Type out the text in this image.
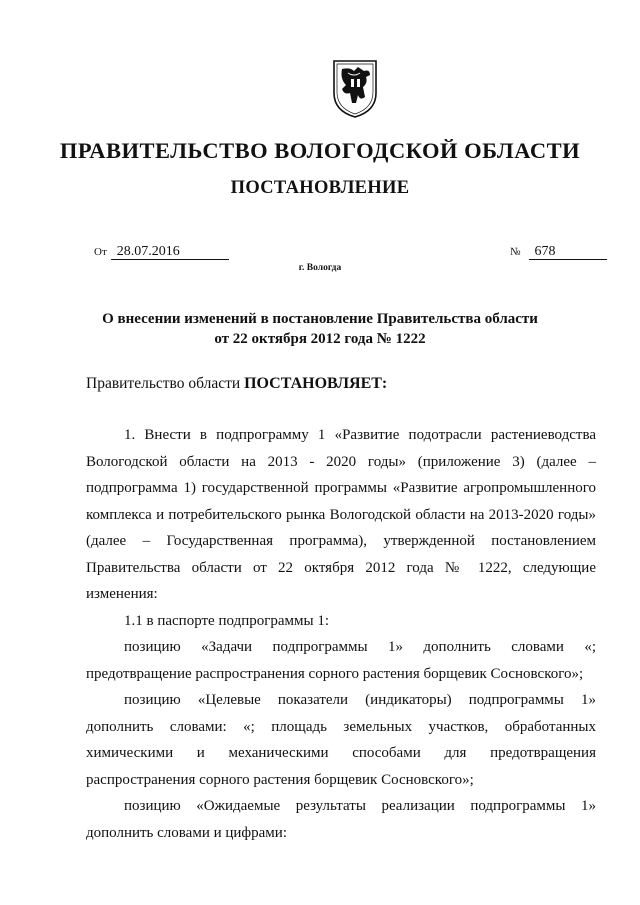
ПРАВИТЕЛЬСТВО ВОЛОГОДСКОЙ ОБЛАСТИ
ПОСТАНОВЛЕНИЕ
От 28.07.2016	№ 678
г. Вологда
О внесении изменений в постановление Правительства области
от 22 октября 2012 года № 1222
Правительство области ПОСТАНОВЛЯЕТ:

1. Внести в подпрограмму 1 «Развитие подотрасли растениеводства Вологодской области на 2013 - 2020 годы» (приложение 3) (далее – подпрограмма 1) государственной программы «Развитие агропромышленного комплекса и потребительского рынка Вологодской области на 2013-2020 годы» (далее – Государственная программа), утвержденной постановлением Правительства области от 22 октября 2012 года № 1222, следующие изменения:

1.1 в паспорте подпрограммы 1:

позицию «Задачи подпрограммы 1» дополнить словами «; предотвращение распространения сорного растения борщевик Сосновского»;

позицию «Целевые показатели (индикаторы) подпрограммы 1» дополнить словами: «; площадь земельных участков, обработанных химическими и механическими способами для предотвращения распространения сорного растения борщевик Сосновского»;

позицию «Ожидаемые результаты реализации подпрограммы 1» дополнить словами и цифрами:
